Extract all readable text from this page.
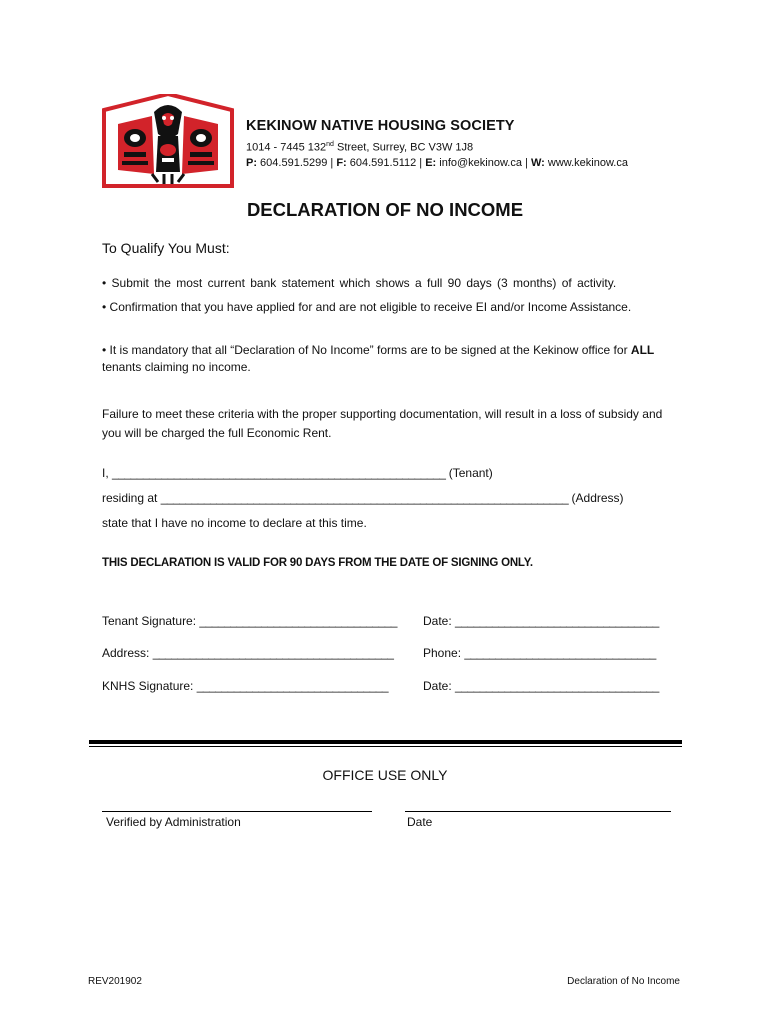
KEKINOW NATIVE HOUSING SOCIETY
1014 - 7445 132nd Street, Surrey, BC V3W 1J8
P: 604.591.5299 | F: 604.591.5112 | E: info@kekinow.ca | W: www.kekinow.ca
DECLARATION OF NO INCOME
To Qualify You Must:
• Submit the most current bank statement which shows a full 90 days (3 months) of activity.
• Confirmation that you have applied for and are not eligible to receive EI and/or Income Assistance.
• It is mandatory that all “Declaration of No Income” forms are to be signed at the Kekinow office for ALL tenants claiming no income.
Failure to meet these criteria with the proper supporting documentation, will result in a loss of subsidy and you will be charged the full Economic Rent.
I, ______________________________________________________ (Tenant)
residing at __________________________________________________________________ (Address)
state that I have no income to declare at this time.
THIS DECLARATION IS VALID FOR 90 DAYS FROM THE DATE OF SIGNING ONLY.
Tenant Signature: ________________________________ Date: _________________________________
Address: _______________________________________ Phone: _______________________________
KNHS Signature: _______________________________	Date: _________________________________
OFFICE USE ONLY
Verified by Administration	Date
REV201902	Declaration of No Income
